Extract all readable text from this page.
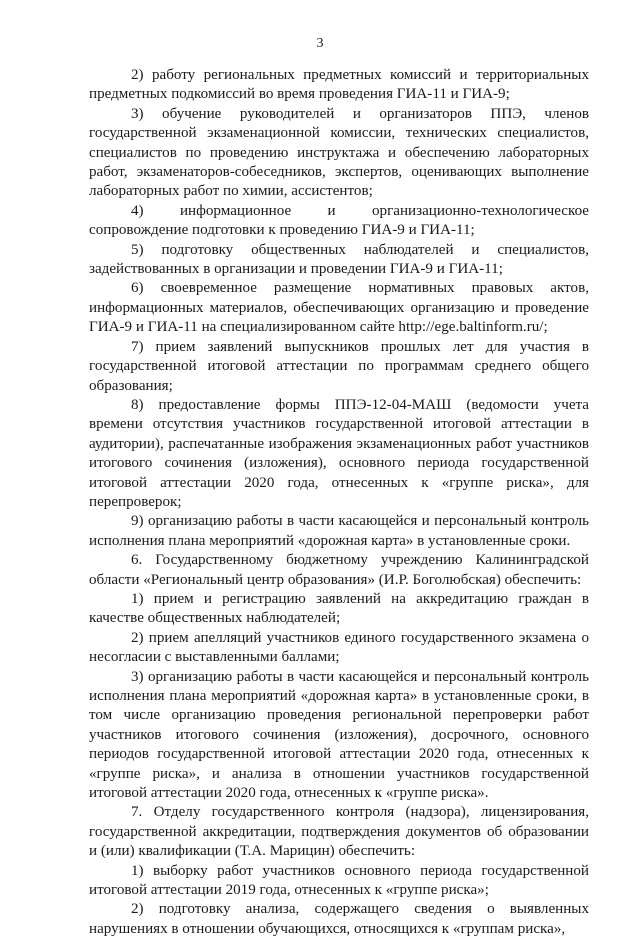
3

2) работу региональных предметных комиссий и территориальных предметных подкомиссий во время проведения ГИА-11 и ГИА-9;

3) обучение руководителей и организаторов ППЭ, членов государственной экзаменационной комиссии, технических специалистов, специалистов по проведению инструктажа и обеспечению лабораторных работ, экзаменаторов-собеседников, экспертов, оценивающих выполнение лабораторных работ по химии, ассистентов;

4) информационное и организационно-технологическое сопровождение подготовки к проведению ГИА-9 и ГИА-11;

5) подготовку общественных наблюдателей и специалистов, задействованных в организации и проведении ГИА-9 и ГИА-11;

6) своевременное размещение нормативных правовых актов, информационных материалов, обеспечивающих организацию и проведение ГИА-9 и ГИА-11 на специализированном сайте http://ege.baltinform.ru/;

7) прием заявлений выпускников прошлых лет для участия в государственной итоговой аттестации по программам среднего общего образования;

8) предоставление формы ППЭ-12-04-МАШ (ведомости учета времени отсутствия участников государственной итоговой аттестации в аудитории), распечатанные изображения экзаменационных работ участников итогового сочинения (изложения), основного периода государственной итоговой аттестации 2020 года, отнесенных к «группе риска», для перепроверок;

9) организацию работы в части касающейся и персональный контроль исполнения плана мероприятий «дорожная карта» в установленные сроки.

6. Государственному бюджетному учреждению Калининградской области «Региональный центр образования» (И.Р. Боголюбская) обеспечить:

1) прием и регистрацию заявлений на аккредитацию граждан в качестве общественных наблюдателей;

2) прием апелляций участников единого государственного экзамена о несогласии с выставленными баллами;

3) организацию работы в части касающейся и персональный контроль исполнения плана мероприятий «дорожная карта» в установленные сроки, в том числе организацию проведения региональной перепроверки работ участников итогового сочинения (изложения), досрочного, основного периодов государственной итоговой аттестации 2020 года, отнесенных к «группе риска», и анализа в отношении участников государственной итоговой аттестации 2020 года, отнесенных к «группе риска».

7. Отделу государственного контроля (надзора), лицензирования, государственной аккредитации, подтверждения документов об образовании и (или) квалификации (Т.А. Марицин) обеспечить:

1) выборку работ участников основного периода государственной итоговой аттестации 2019 года, отнесенных к «группе риска»;

2) подготовку анализа, содержащего сведения о выявленных нарушениях в отношении обучающихся, относящихся к «группам риска»,
